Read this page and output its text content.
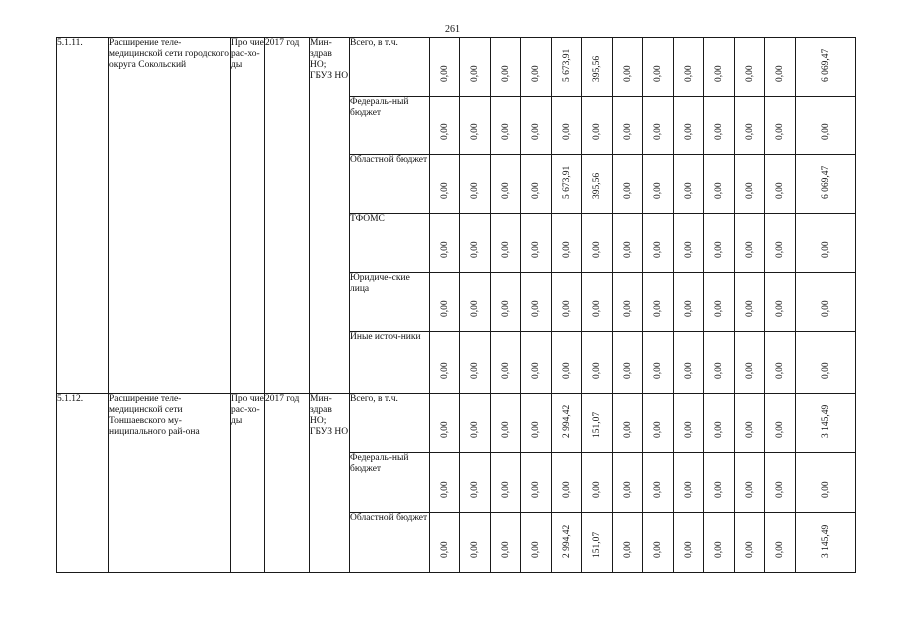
261
5.1.11.	Расширение теле-медицинской сети городского округа Сокольский	Про чие рас-хо-ды	2017 год	Мин-здрав НО; ГБУЗ НО	Всего, в т.ч.	0,00	0,00	0,00	0,00	5 673,91	395,56	0,00	0,00	0,00	0,00	0,00	0,00	6 069,47

					Федераль-ный бюджет	0,00	0,00	0,00	0,00	0,00	0,00	0,00	0,00	0,00	0,00	0,00	0,00	0,00

					Областной бюджет	0,00	0,00	0,00	0,00	5 673,91	395,56	0,00	0,00	0,00	0,00	0,00	0,00	6 069,47

					ТФОМС	0,00	0,00	0,00	0,00	0,00	0,00	0,00	0,00	0,00	0,00	0,00	0,00	0,00

					Юридиче-ские лица	0,00	0,00	0,00	0,00	0,00	0,00	0,00	0,00	0,00	0,00	0,00	0,00	0,00

					Иные источ-ники	0,00	0,00	0,00	0,00	0,00	0,00	0,00	0,00	0,00	0,00	0,00	0,00	0,00

5.1.12.	Расширение теле-медицинской сети Тоншаевского му-ниципального рай-она	Про чие рас-хо-ды	2017 год	Мин-здрав НО; ГБУЗ НО	Всего, в т.ч.	0,00	0,00	0,00	0,00	2 994,42	151,07	0,00	0,00	0,00	0,00	0,00	0,00	3 145,49

					Федераль-ный бюджет	0,00	0,00	0,00	0,00	0,00	0,00	0,00	0,00	0,00	0,00	0,00	0,00	0,00

					Областной бюджет	0,00	0,00	0,00	0,00	2 994,42	151,07	0,00	0,00	0,00	0,00	0,00	0,00	3 145,49
